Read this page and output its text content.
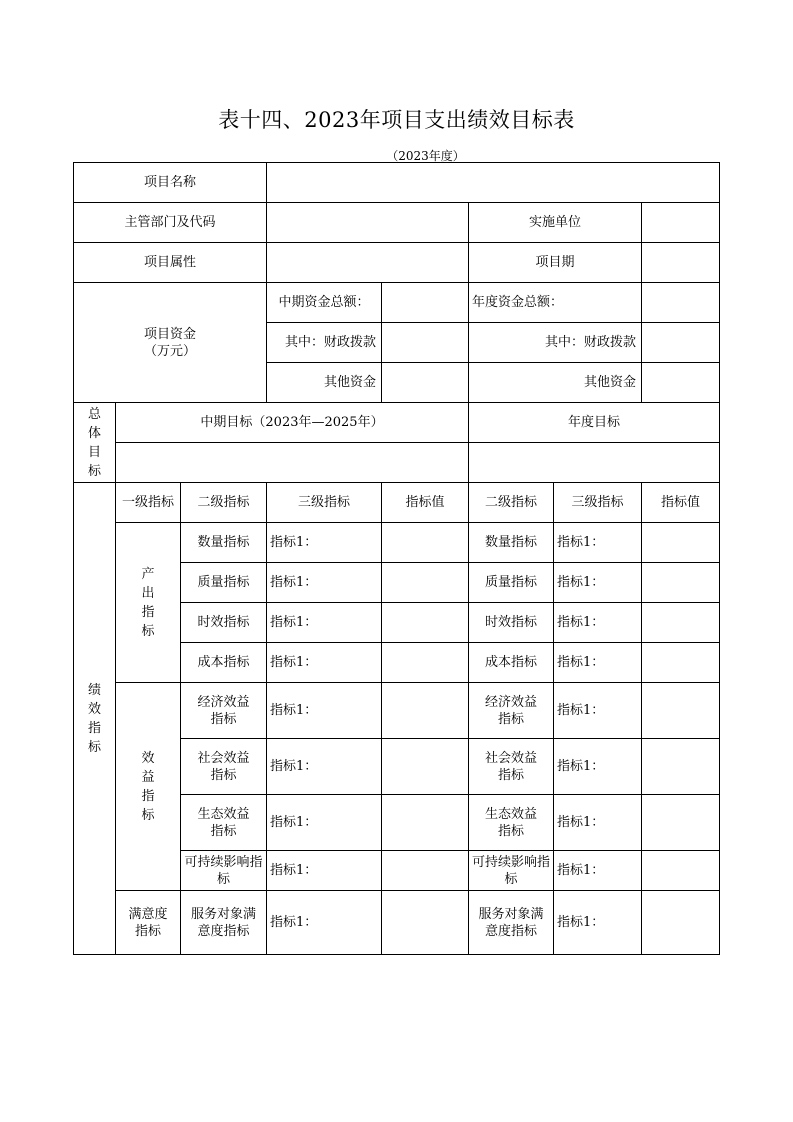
表十四、2023年项目支出绩效目标表
（2023年度）
项目名称							
主管部门及代码					实施单位		
项目属性					项目期		
项目资金
（万元）			中期资金总额：		年度资金总额：		
			其中：财政拨款		其中：财政拨款		
			其他资金		其他资金		
总体目标	中期目标（2023年—2025年）				年度目标		

绩效指标	一级指标	二级指标	三级指标	指标值	二级指标	三级指标	指标值
	产出指标	数量指标	指标1：		数量指标	指标1：	
		质量指标	指标1：		质量指标	指标1：	
		时效指标	指标1：		时效指标	指标1：	
		成本指标	指标1：		成本指标	指标1：	
	效益指标	经济效益指标	指标1：		经济效益指标	指标1：	
		社会效益指标	指标1：		社会效益指标	指标1：	
		生态效益指标	指标1：		生态效益指标	指标1：	
		可持续影响指标	指标1：		可持续影响指标	指标1：	
	满意度指标	服务对象满意度指标	指标1：		服务对象满意度指标	指标1：	
